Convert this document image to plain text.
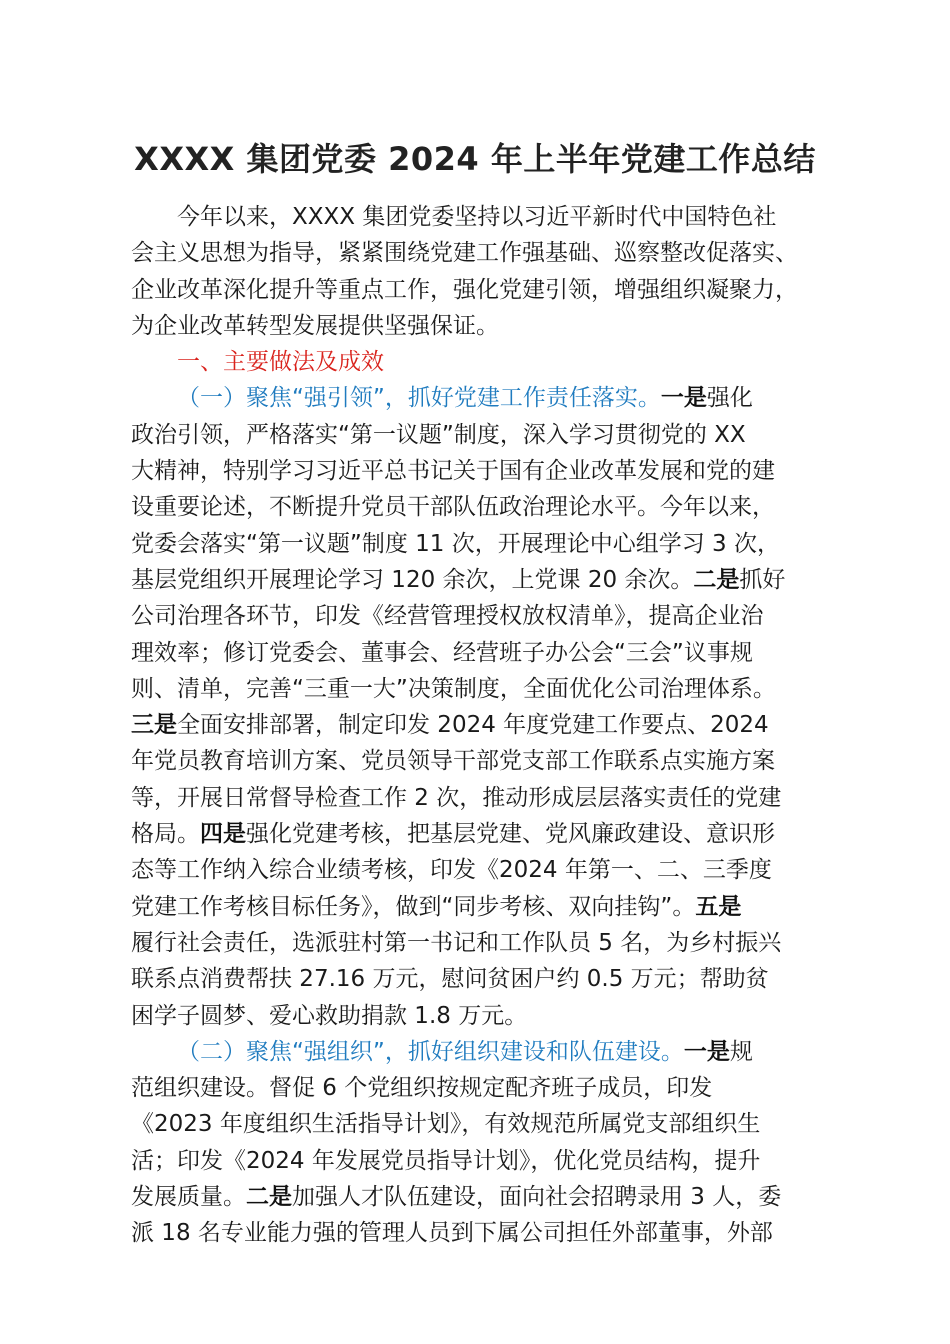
XXXX 集团党委 2024 年上半年党建工作总结
今年以来，XXXX 集团党委坚持以习近平新时代中国特色社
会主义思想为指导，紧紧围绕党建工作强基础、巡察整改促落实、
企业改革深化提升等重点工作，强化党建引领，增强组织凝聚力，
为企业改革转型发展提供坚强保证。
一、主要做法及成效
（一）聚焦“强引领”，抓好党建工作责任落实。一是强化
政治引领，严格落实“第一议题”制度，深入学习贯彻党的 XX
大精神，特别学习习近平总书记关于国有企业改革发展和党的建
设重要论述，不断提升党员干部队伍政治理论水平。今年以来，
党委会落实“第一议题”制度 11 次，开展理论中心组学习 3 次，
基层党组织开展理论学习 120 余次，上党课 20 余次。二是抓好
公司治理各环节，印发《经营管理授权放权清单》，提高企业治
理效率；修订党委会、董事会、经营班子办公会“三会”议事规
则、清单，完善“三重一大”决策制度，全面优化公司治理体系。
三是全面安排部署，制定印发 2024 年度党建工作要点、2024
年党员教育培训方案、党员领导干部党支部工作联系点实施方案
等，开展日常督导检查工作 2 次，推动形成层层落实责任的党建
格局。四是强化党建考核，把基层党建、党风廉政建设、意识形
态等工作纳入综合业绩考核，印发《2024 年第一、二、三季度
党建工作考核目标任务》，做到“同步考核、双向挂钩”。五是
履行社会责任，选派驻村第一书记和工作队员 5 名，为乡村振兴
联系点消费帮扶 27.16 万元，慰问贫困户约 0.5 万元；帮助贫
困学子圆梦、爱心救助捐款 1.8 万元。
（二）聚焦“强组织”，抓好组织建设和队伍建设。一是规
范组织建设。督促 6 个党组织按规定配齐班子成员，印发
《2023 年度组织生活指导计划》，有效规范所属党支部组织生
活；印发《2024 年发展党员指导计划》，优化党员结构，提升
发展质量。二是加强人才队伍建设，面向社会招聘录用 3 人，委
派 18 名专业能力强的管理人员到下属公司担任外部董事，外部
